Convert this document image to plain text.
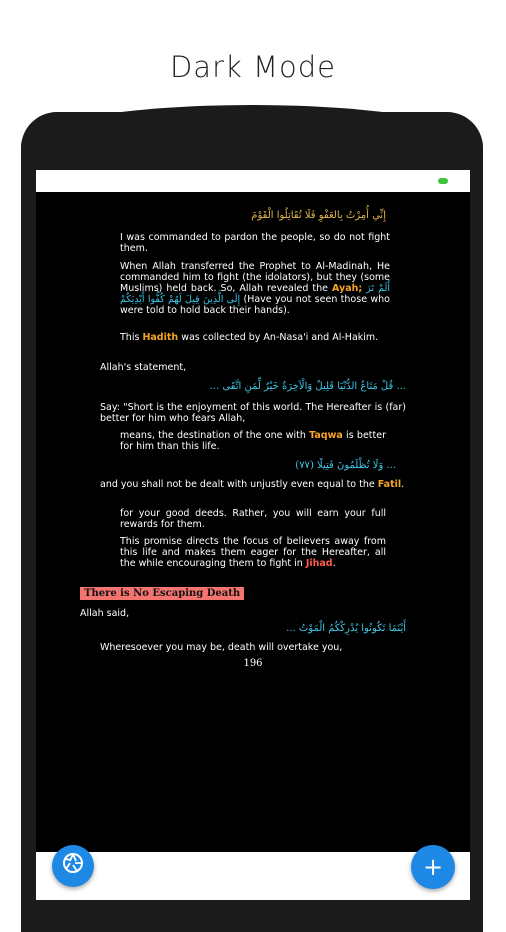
Dark Mode
إِنِّي أُمِرْتُ بِالعَفْوِ فَلَا تُقَاتِلُوا الْقَوْمَ

I was commanded to pardon the people, so do not fight them.

When Allah transferred the Prophet to Al-Madinah, He commanded him to fight (the idolators), but they (some Muslims) held back. So, Allah revealed the Ayah; أَلَمْ تَرَ إِلَى الَّذِينَ قِيلَ لَهُمْ كُفُّوا أَيْدِيَكُمْ (Have you not seen those who were told to hold back their hands).

This Hadith was collected by An-Nasa'i and Al-Hakim.

Allah's statement,

... قُلْ مَتَاعُ الدُّنْيَا قَلِيلٌ وَالْآخِرَةُ خَيْرٌ لِّمَنِ اتَّقَى ...

Say: "Short is the enjoyment of this world. The Hereafter is (far) better for him who fears Allah,

means, the destination of the one with Taqwa is better for him than this life.

... وَلَا تُظْلَمُونَ فَتِيلًا (٧٧)

and you shall not be dealt with unjustly even equal to the Fatil.

for your good deeds. Rather, you will earn your full rewards for them.

This promise directs the focus of believers away from this life and makes them eager for the Hereafter, all the while encouraging them to fight in Jihad.

There is No Escaping Death

Allah said,

أَيْنَمَا تَكُونُوا يُدْرِكْكُمُ الْمَوْتُ ...

Wheresoever you may be, death will overtake you,

196
+
